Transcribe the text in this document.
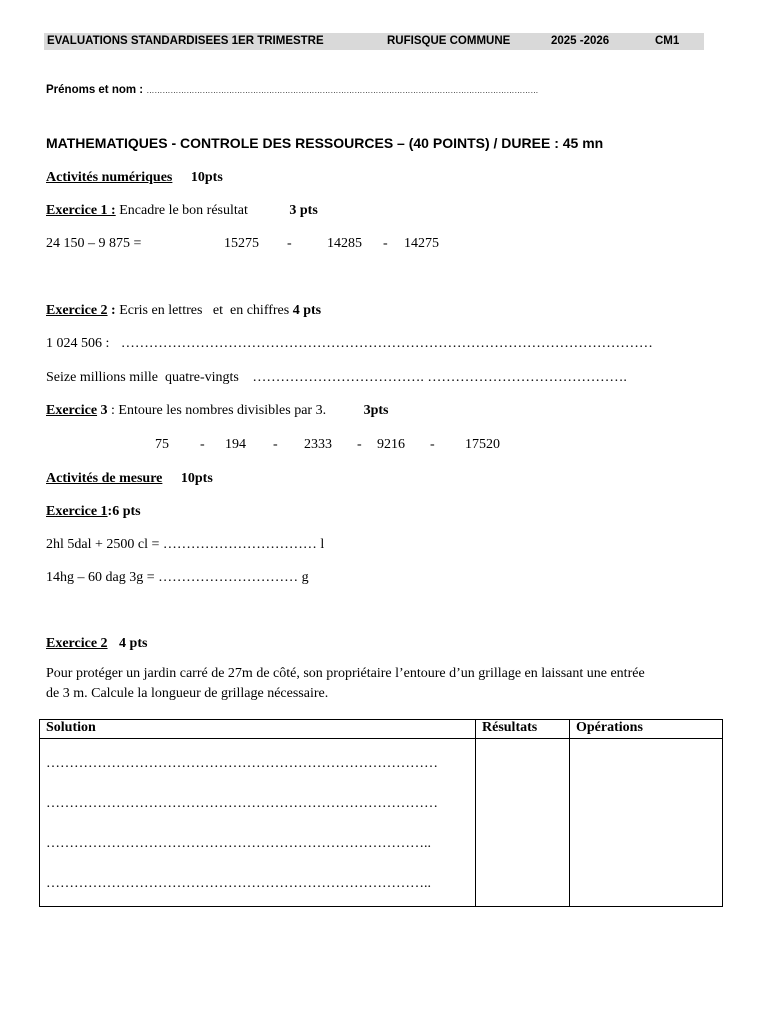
EVALUATIONS STANDARDISEES 1ER TRIMESTRE	RUFISQUE COMMUNE	2025 -2026	CM1
Prénoms et nom : …………………………………………………………………………………………………………………………………
MATHEMATIQUES - CONTROLE DES RESSOURCES – (40 POINTS) / DUREE : 45 mn
Activités numériques 10pts
Exercice 1 : Encadre le bon résultat	3 pts
24 150 – 9 875 =	15275 -	14285 - 14275
Exercice 2 : Ecris en lettres   et  en chiffres 4 pts
1 024 506 : ……………………………………………………………………………………………………
Seize millions mille  quatre-vingts ………………………………. …………………………………….
Exercice 3 : Entoure les nombres divisibles par 3.	3pts
75 - 194 - 2333 - 9216 - 17520
Activités de mesure 10pts
Exercice 1:6 pts
2hl 5dal + 2500 cl = …………………………… l
14hg – 60 dag 3g = ………………………… g
Exercice 2 4 pts
Pour protéger un jardin carré de 27m de côté, son propriétaire l’entoure d’un grillage en laissant une entrée
de 3 m. Calcule la longueur de grillage nécessaire.
Solution	Résultats	Opérations

…………………………………………………………………………
…………………………………………………………………………
………………………………………………………………………..
………………………………………………………………………..		
